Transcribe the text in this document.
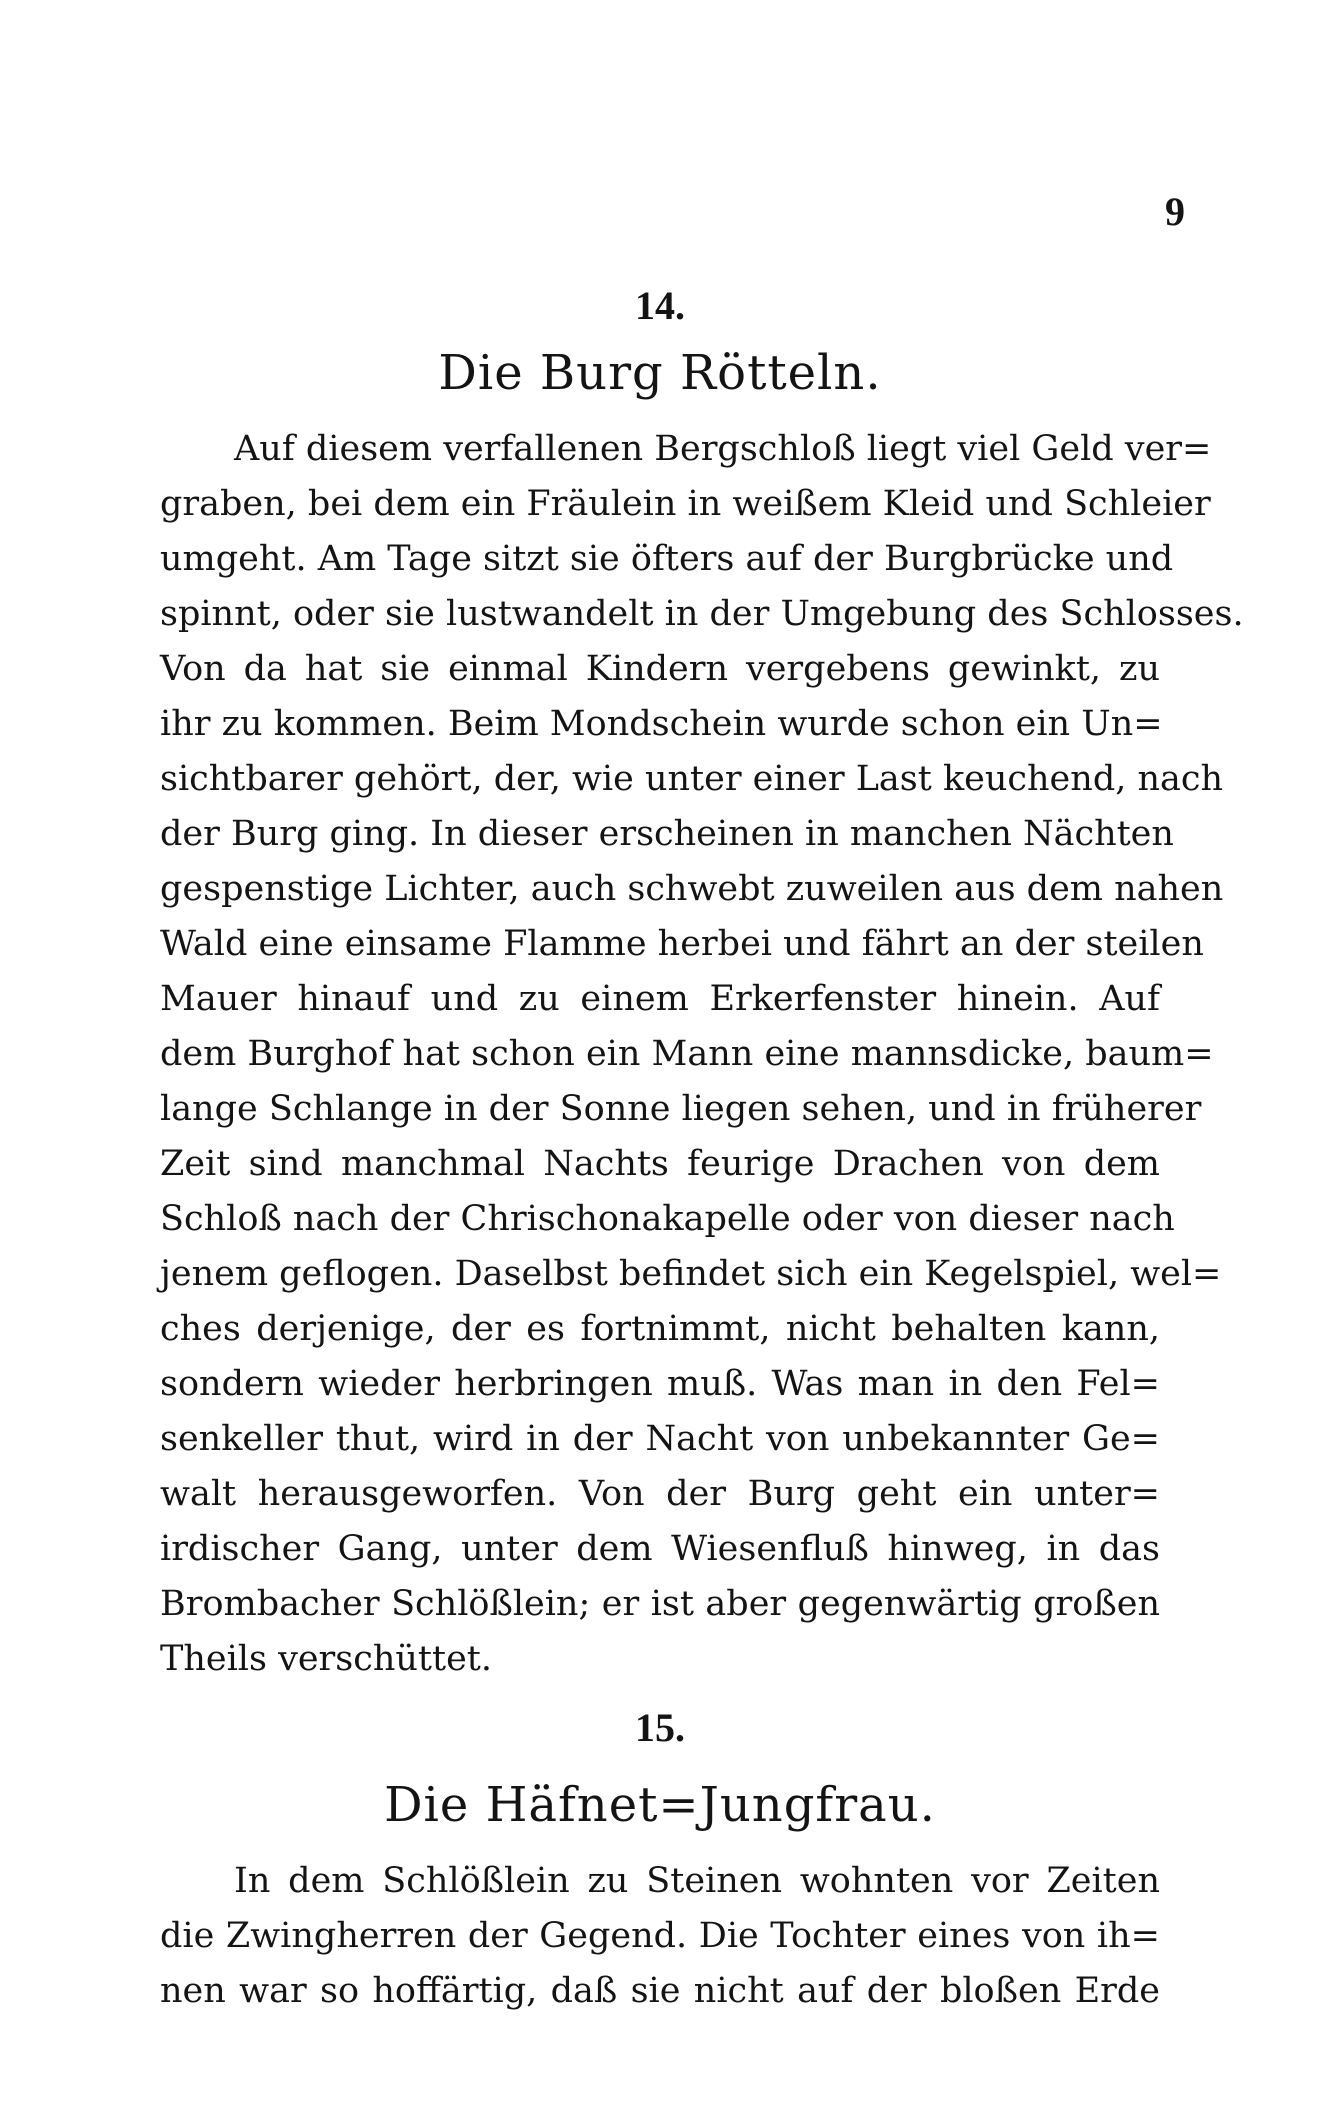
9
14.
Die Burg Rötteln.
Auf diesem verfallenen Bergschloß liegt viel Geld ver=
graben, bei dem ein Fräulein in weißem Kleid und Schleier
umgeht. Am Tage sitzt sie öfters auf der Burgbrücke und
spinnt, oder sie lustwandelt in der Umgebung des Schlosses.
Von da hat sie einmal Kindern vergebens gewinkt, zu
ihr zu kommen. Beim Mondschein wurde schon ein Un=
sichtbarer gehört, der, wie unter einer Last keuchend, nach
der Burg ging. In dieser erscheinen in manchen Nächten
gespenstige Lichter, auch schwebt zuweilen aus dem nahen
Wald eine einsame Flamme herbei und fährt an der steilen
Mauer hinauf und zu einem Erkerfenster hinein. Auf
dem Burghof hat schon ein Mann eine mannsdicke, baum=
lange Schlange in der Sonne liegen sehen, und in früherer
Zeit sind manchmal Nachts feurige Drachen von dem
Schloß nach der Chrischonakapelle oder von dieser nach
jenem geflogen. Daselbst befindet sich ein Kegelspiel, wel=
ches derjenige, der es fortnimmt, nicht behalten kann,
sondern wieder herbringen muß. Was man in den Fel=
senkeller thut, wird in der Nacht von unbekannter Ge=
walt herausgeworfen. Von der Burg geht ein unter=
irdischer Gang, unter dem Wiesenfluß hinweg, in das
Brombacher Schlößlein; er ist aber gegenwärtig großen
Theils verschüttet.
15.
Die Häfnet=Jungfrau.
In dem Schlößlein zu Steinen wohnten vor Zeiten
die Zwingherren der Gegend. Die Tochter eines von ih=
nen war so hoffärtig, daß sie nicht auf der bloßen Erde
